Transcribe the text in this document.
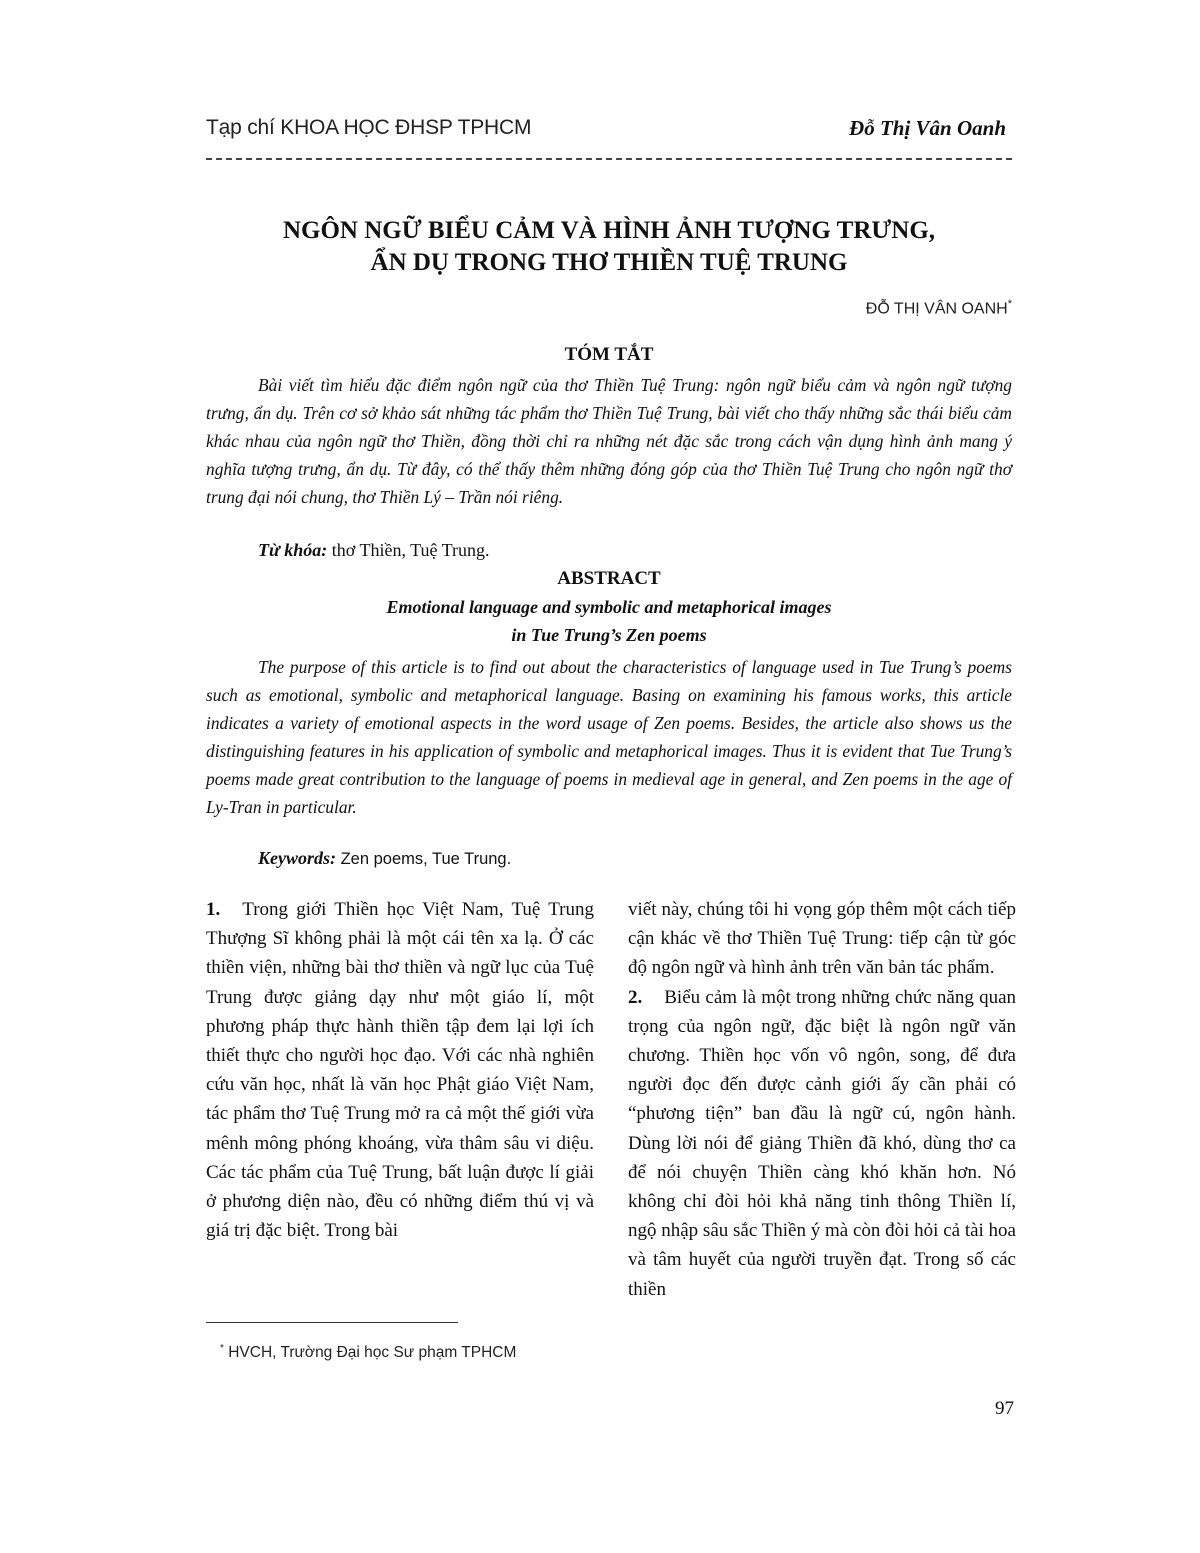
Tạp chí KHOA HỌC ĐHSP TPHCM	Đỗ Thị Vân Oanh
NGÔN NGỮ BIỂU CẢM VÀ HÌNH ẢNH TƯỢNG TRƯNG,
ẨN DỤ TRONG THƠ THIỀN TUỆ TRUNG
ĐỖ THỊ VÂN OANH*
TÓM TẮT
Bài viết tìm hiểu đặc điểm ngôn ngữ của thơ Thiền Tuệ Trung: ngôn ngữ biểu cảm và ngôn ngữ tượng trưng, ẩn dụ. Trên cơ sở khảo sát những tác phẩm thơ Thiền Tuệ Trung, bài viết cho thấy những sắc thái biểu cảm khác nhau của ngôn ngữ thơ Thiền, đồng thời chỉ ra những nét đặc sắc trong cách vận dụng hình ảnh mang ý nghĩa tượng trưng, ẩn dụ. Từ đây, có thể thấy thêm những đóng góp của thơ Thiền Tuệ Trung cho ngôn ngữ thơ trung đại nói chung, thơ Thiền Lý – Trần nói riêng.
Từ khóa: thơ Thiền, Tuệ Trung.
ABSTRACT
Emotional language and symbolic and metaphorical images
in Tue Trung’s Zen poems
The purpose of this article is to find out about the characteristics of language used in Tue Trung’s poems such as emotional, symbolic and metaphorical language. Basing on examining his famous works, this article indicates a variety of emotional aspects in the word usage of Zen poems. Besides, the article also shows us the distinguishing features in his application of symbolic and metaphorical images. Thus it is evident that Tue Trung’s poems made great contribution to the language of poems in medieval age in general, and Zen poems in the age of Ly-Tran in particular.
Keywords: Zen poems, Tue Trung.
1. Trong giới Thiền học Việt Nam, Tuệ Trung Thượng Sĩ không phải là một cái tên xa lạ. Ở các thiền viện, những bài thơ thiền và ngữ lục của Tuệ Trung được giảng dạy như một giáo lí, một phương pháp thực hành thiền tập đem lại lợi ích thiết thực cho người học đạo. Với các nhà nghiên cứu văn học, nhất là văn học Phật giáo Việt Nam, tác phẩm thơ Tuệ Trung mở ra cả một thế giới vừa mênh mông phóng khoáng, vừa thâm sâu vi diệu. Các tác phẩm của Tuệ Trung, bất luận được lí giải ở phương diện nào, đều có những điểm thú vị và giá trị đặc biệt. Trong bài
viết này, chúng tôi hi vọng góp thêm một cách tiếp cận khác về thơ Thiền Tuệ Trung: tiếp cận từ góc độ ngôn ngữ và hình ảnh trên văn bản tác phẩm.
2. Biểu cảm là một trong những chức năng quan trọng của ngôn ngữ, đặc biệt là ngôn ngữ văn chương. Thiền học vốn vô ngôn, song, để đưa người đọc đến được cảnh giới ấy cần phải có “phương tiện” ban đầu là ngữ cú, ngôn hành. Dùng lời nói để giảng Thiền đã khó, dùng thơ ca để nói chuyện Thiền càng khó khăn hơn. Nó không chỉ đòi hỏi khả năng tinh thông Thiền lí, ngộ nhập sâu sắc Thiền ý mà còn đòi hỏi cả tài hoa và tâm huyết của người truyền đạt. Trong số các thiền
* HVCH, Trường Đại học Sư phạm TPHCM
97
